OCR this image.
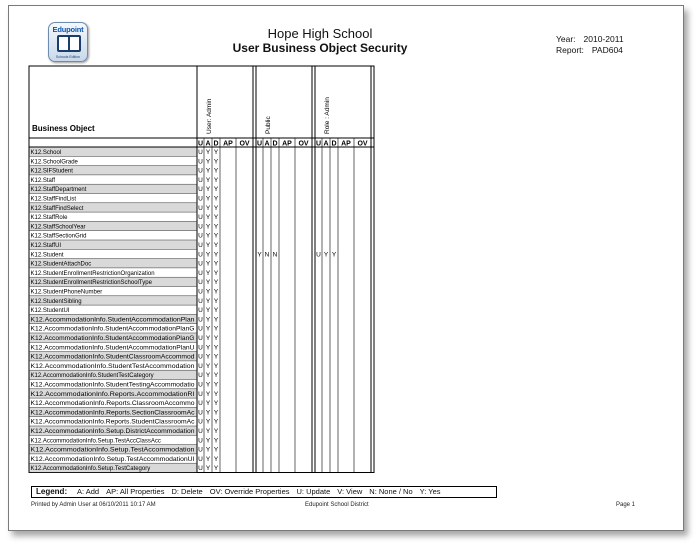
Edupoint
Schools Edition
Hope High School
User Business Object Security
Year: 2010-2011
Report: PAD604
Business Object	User: Admin
U A D AP OV
Public
U A D AP OV
Role : Admin
U A D AP OV
K12.School	U Y Y
K12.SchoolGrade	U Y Y
K12.SIFStudent	U Y Y
K12.Staff	U Y Y
K12.StaffDepartment	U Y Y
K12.StaffFindList	U Y Y
K12.StaffFindSelect	U Y Y
K12.StaffRole	U Y Y
K12.StaffSchoolYear	U Y Y
K12.StaffSectionGrid	U Y Y
K12.StaffUI	U Y Y
K12.Student	U Y Y	Y N N	U Y Y
K12.StudentAttachDoc	U Y Y
K12.StudentEnrollmentRestrictionOrganization	U Y Y
K12.StudentEnrollmentRestrictionSchoolType	U Y Y
K12.StudentPhoneNumber	U Y Y
K12.StudentSibling	U Y Y
K12.StudentUI	U Y Y
K12.AccommodationInfo.StudentAccommodationPlan U Y Y
K12.AccommodationInfo.StudentAccommodationPlanG U Y Y
K12.AccommodationInfo.StudentAccommodationPlanG U Y Y
K12.AccommodationInfo.StudentAccommodationPlanU U Y Y
K12.AccommodationInfo.StudentClassroomAccommod U Y Y
K12.AccommodationInfo.StudentTestAccommodation U Y Y
K12.AccommodationInfo.StudentTestCategory	U Y Y
K12.AccommodationInfo.StudentTestingAccommodatio U Y Y
K12.AccommodationInfo.Reports.AccommodationRI U Y Y
K12.AccommodationInfo.Reports.ClassroomAccommo U Y Y
K12.AccommodationInfo.Reports.SectionClassroomAc U Y Y
K12.AccommodationInfo.Reports.StudentClassroomAc U Y Y
K12.AccommodationInfo.Setup.DistrictAccommodation U Y Y
K12.AccommodationInfo.Setup.TestAccClassAcc	U Y Y
K12.AccommodationInfo.Setup.TestAccommodation U Y Y
K12.AccommodationInfo.Setup.TestAccommodationUI U Y Y
K12.AccommodationInfo.Setup.TestCategory	U Y Y
Legend: A: Add AP: All Properties D: Delete OV: Override Properties U: Update V: View N: None / No Y: Yes
Printed by Admin User at 06/10/2011 10:17 AM	Edupoint School District	Page 1
